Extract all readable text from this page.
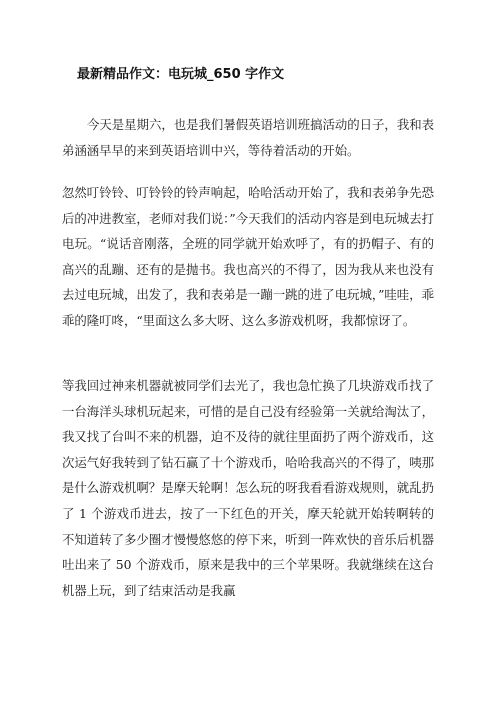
最新精品作文：电玩城_650 字作文

今天是星期六，也是我们暑假英语培训班搞活动的日子，我和表弟涵涵早早的来到英语培训中兴，等待着活动的开始。

忽然叮铃铃、叮铃铃的铃声响起，哈哈活动开始了，我和表弟争先恐后的冲进教室，老师对我们说：”今天我们的活动内容是到电玩城去打电玩。“说话音刚落，全班的同学就开始欢呼了，有的扔帽子、有的高兴的乱蹦、还有的是抛书。我也高兴的不得了，因为我从来也没有去过电玩城，出发了，我和表弟是一蹦一跳的进了电玩城，”哇哇，乖乖的隆叮咚，“里面这么多大呀、这么多游戏机呀，我都惊讶了。

等我回过神来机器就被同学们去光了，我也急忙换了几块游戏币找了一台海洋头球机玩起来，可惜的是自己没有经验第一关就给淘汰了，我又找了台叫不来的机器，迫不及待的就往里面扔了两个游戏币，这次运气好我转到了钻石赢了十个游戏币，哈哈我高兴的不得了，咦那是什么游戏机啊？是摩天轮啊！怎么玩的呀我看看游戏规则，就乱扔了 1 个游戏币进去，按了一下红色的开关，摩天轮就开始转啊转的不知道转了多少圈才慢慢悠悠的停下来，听到一阵欢快的音乐后机器吐出来了 50 个游戏币，原来是我中的三个苹果呀。我就继续在这台机器上玩，到了结束活动是我赢
